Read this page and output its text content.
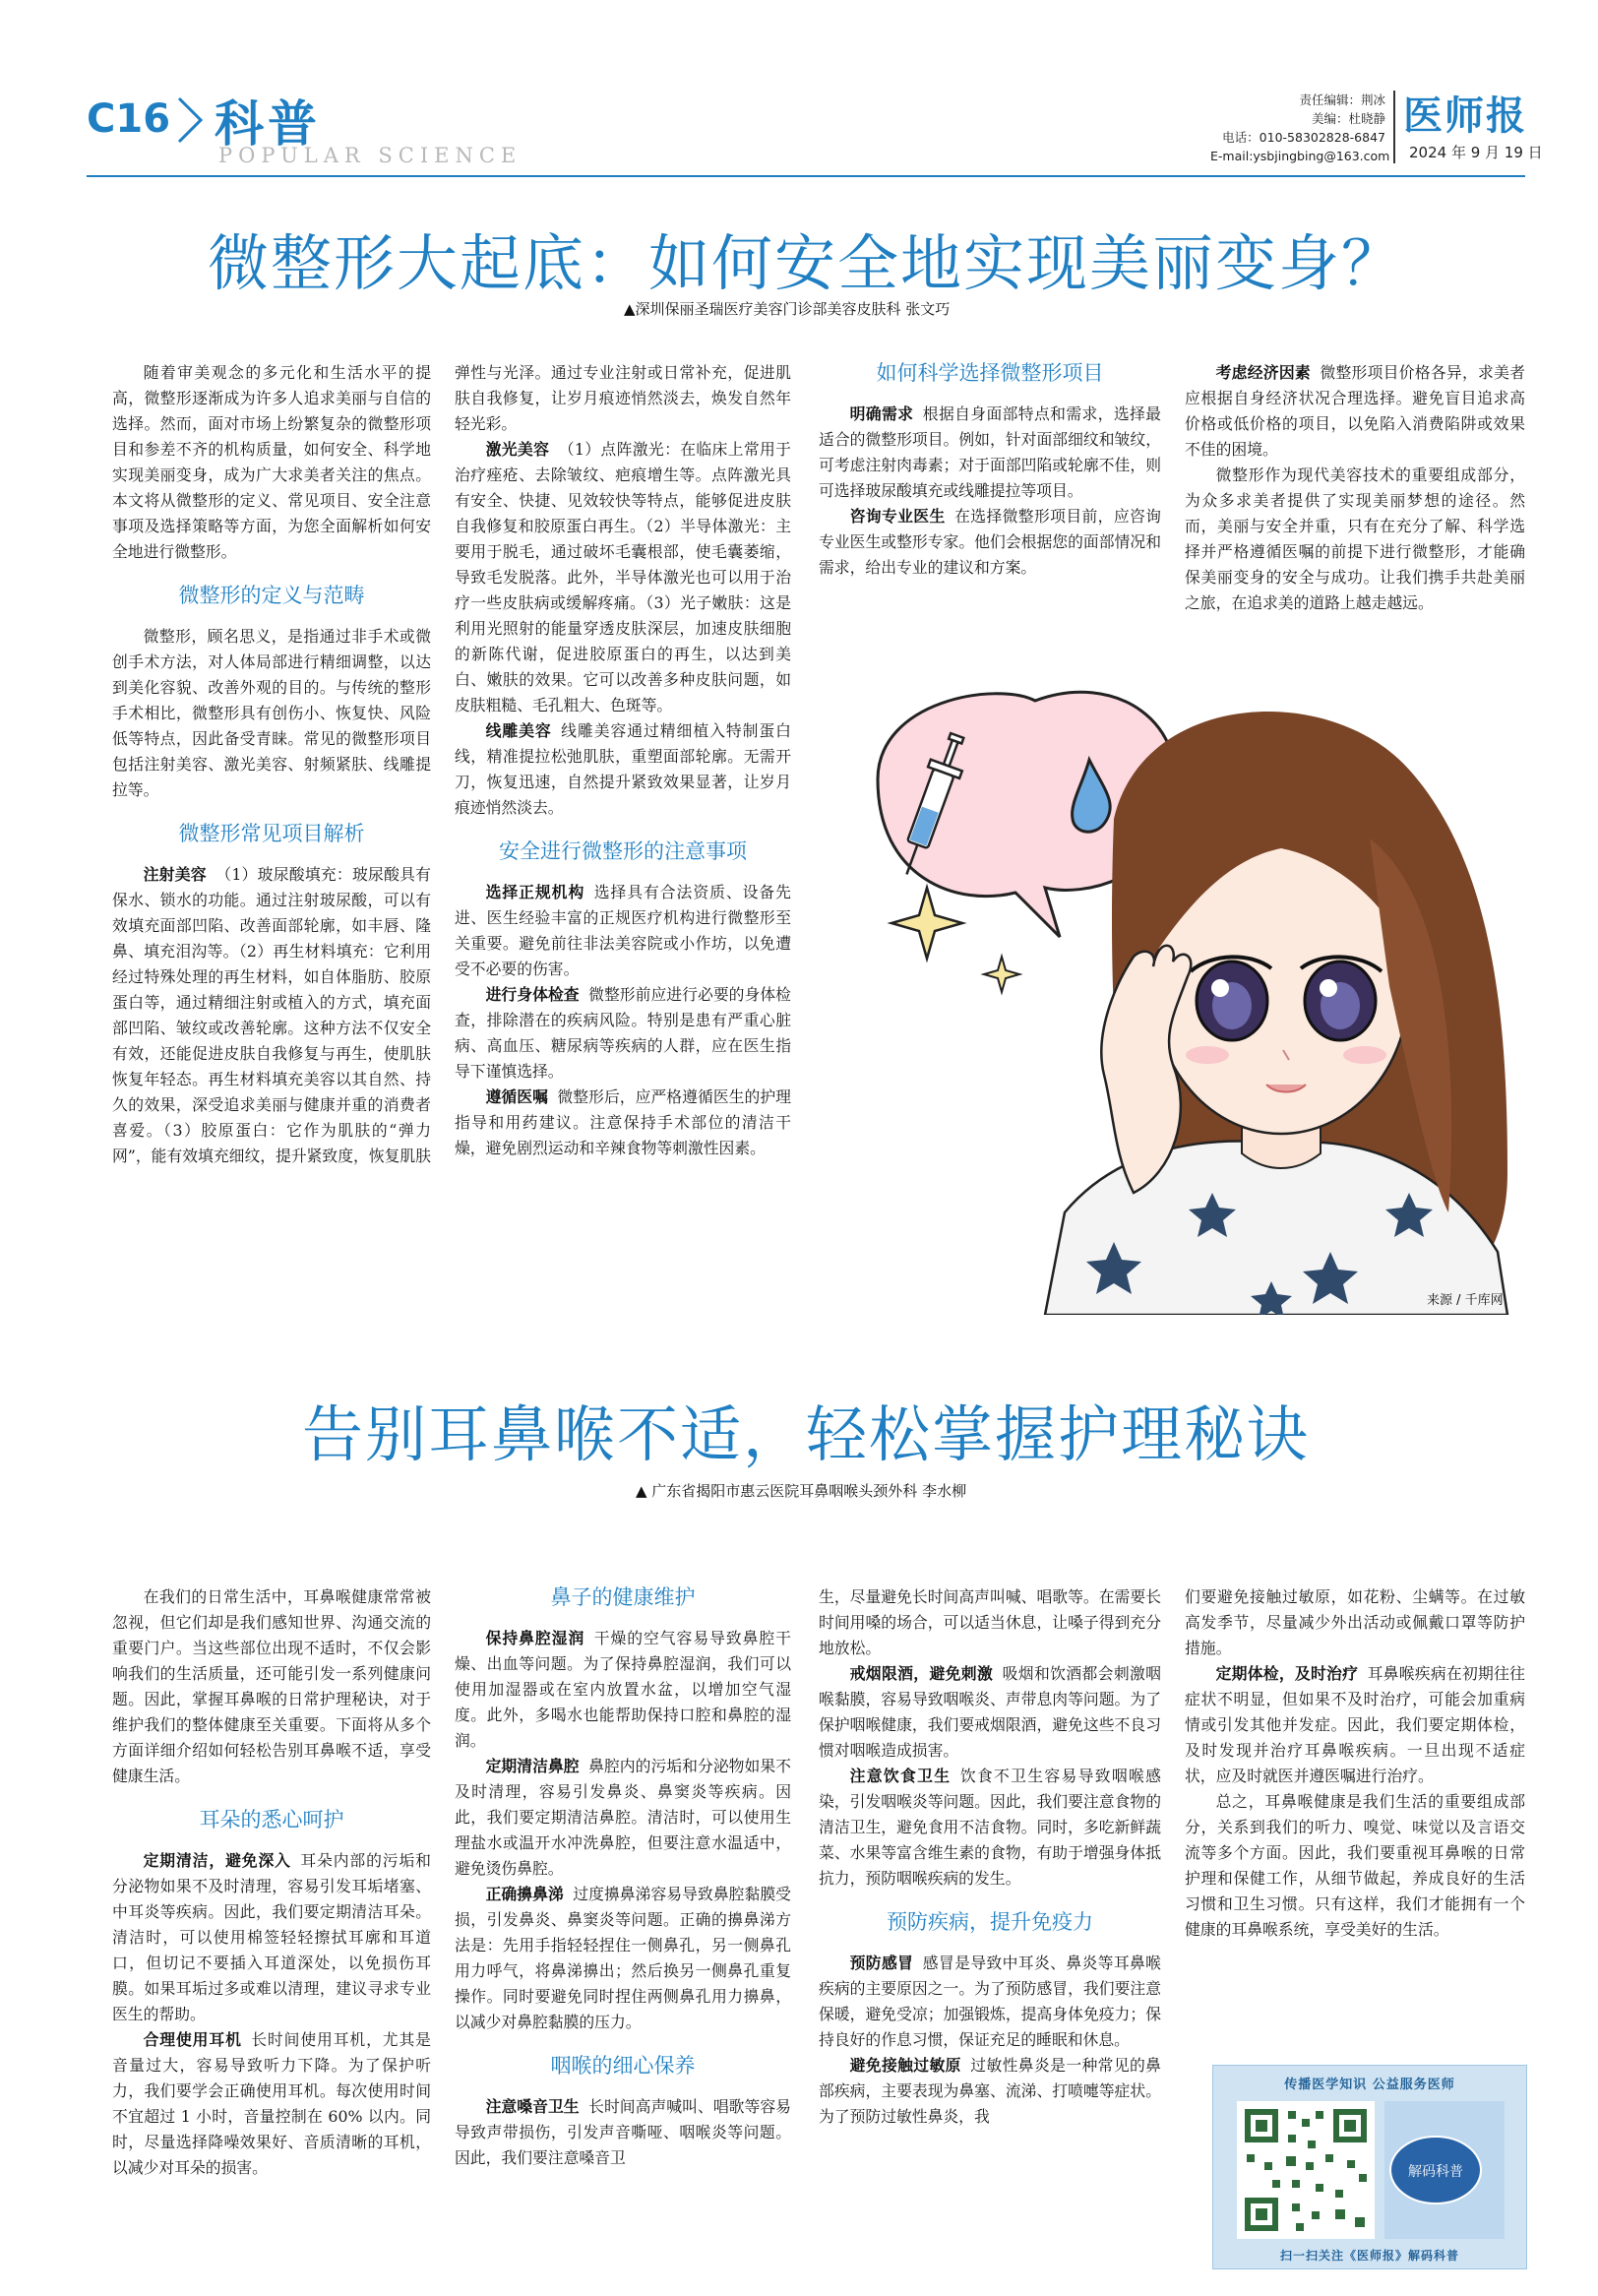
C16 科普
POPULAR SCIENCE
责任编辑：荆冰
美编：杜晓静
电话：010-58302828-6847
E-mail:ysbjingbing@163.com
医师报
2024 年 9 月 19 日
微整形大起底：如何安全地实现美丽变身？
▲深圳保丽圣瑞医疗美容门诊部美容皮肤科 张文巧

随着审美观念的多元化和生活水平的提高，微整形逐渐成为许多人追求美丽与自信的选择。然而，面对市场上纷繁复杂的微整形项目和参差不齐的机构质量，如何安全、科学地实现美丽变身，成为广大求美者关注的焦点。本文将从微整形的定义、常见项目、安全注意事项及选择策略等方面，为您全面解析如何安全地进行微整形。

微整形的定义与范畴

微整形，顾名思义，是指通过非手术或微创手术方法，对人体局部进行精细调整，以达到美化容貌、改善外观的目的。与传统的整形手术相比，微整形具有创伤小、恢复快、风险低等特点，因此备受青睐。常见的微整形项目包括注射美容、激光美容、射频紧肤、线雕提拉等。

微整形常见项目解析

注射美容 （1）玻尿酸填充：玻尿酸具有保水、锁水的功能。通过注射玻尿酸，可以有效填充面部凹陷、改善面部轮廓，如丰唇、隆鼻、填充泪沟等。（2）再生材料填充：它利用经过特殊处理的再生材料，如自体脂肪、胶原蛋白等，通过精细注射或植入的方式，填充面部凹陷、皱纹或改善轮廓。这种方法不仅安全有效，还能促进皮肤自我修复与再生，使肌肤恢复年轻态。再生材料填充美容以其自然、持久的效果，深受追求美丽与健康并重的消费者喜爱。（3）胶原蛋白：它作为肌肤的“弹力网”，能有效填充细纹，提升紧致度，恢复肌肤

弹性与光泽。通过专业注射或日常补充，促进肌肤自我修复，让岁月痕迹悄然淡去，焕发自然年轻光彩。

激光美容 （1）点阵激光：在临床上常用于治疗痤疮、去除皱纹、疤痕增生等。点阵激光具有安全、快捷、见效较快等特点，能够促进皮肤自我修复和胶原蛋白再生。（2）半导体激光：主要用于脱毛，通过破坏毛囊根部，使毛囊萎缩，导致毛发脱落。此外，半导体激光也可以用于治疗一些皮肤病或缓解疼痛。（3）光子嫩肤：这是利用光照射的能量穿透皮肤深层，加速皮肤细胞的新陈代谢，促进胶原蛋白的再生，以达到美白、嫩肤的效果。它可以改善多种皮肤问题，如皮肤粗糙、毛孔粗大、色斑等。

线雕美容 线雕美容通过精细植入特制蛋白线，精准提拉松弛肌肤，重塑面部轮廓。无需开刀，恢复迅速，自然提升紧致效果显著，让岁月痕迹悄然淡去。

安全进行微整形的注意事项

选择正规机构 选择具有合法资质、设备先进、医生经验丰富的正规医疗机构进行微整形至关重要。避免前往非法美容院或小作坊，以免遭受不必要的伤害。

进行身体检查 微整形前应进行必要的身体检查，排除潜在的疾病风险。特别是患有严重心脏病、高血压、糖尿病等疾病的人群，应在医生指导下谨慎选择。

遵循医嘱 微整形后，应严格遵循医生的护理指导和用药建议。注意保持手术部位的清洁干燥，避免剧烈运动和辛辣食物等刺激性因素。

如何科学选择微整形项目

明确需求 根据自身面部特点和需求，选择最适合的微整形项目。例如，针对面部细纹和皱纹，可考虑注射肉毒素；对于面部凹陷或轮廓不佳，则可选择玻尿酸填充或线雕提拉等项目。

咨询专业医生 在选择微整形项目前，应咨询专业医生或整形专家。他们会根据您的面部情况和需求，给出专业的建议和方案。

考虑经济因素 微整形项目价格各异，求美者应根据自身经济状况合理选择。避免盲目追求高价格或低价格的项目，以免陷入消费陷阱或效果不佳的困境。

微整形作为现代美容技术的重要组成部分，为众多求美者提供了实现美丽梦想的途径。然而，美丽与安全并重，只有在充分了解、科学选择并严格遵循医嘱的前提下进行微整形，才能确保美丽变身的安全与成功。让我们携手共赴美丽之旅，在追求美的道路上越走越远。

来源 / 千库网
告别耳鼻喉不适，轻松掌握护理秘诀
▲ 广东省揭阳市惠云医院耳鼻咽喉头颈外科 李水柳

在我们的日常生活中，耳鼻喉健康常常被忽视，但它们却是我们感知世界、沟通交流的重要门户。当这些部位出现不适时，不仅会影响我们的生活质量，还可能引发一系列健康问题。因此，掌握耳鼻喉的日常护理秘诀，对于维护我们的整体健康至关重要。下面将从多个方面详细介绍如何轻松告别耳鼻喉不适，享受健康生活。

耳朵的悉心呵护

定期清洁，避免深入 耳朵内部的污垢和分泌物如果不及时清理，容易引发耳垢堵塞、中耳炎等疾病。因此，我们要定期清洁耳朵。清洁时，可以使用棉签轻轻擦拭耳廓和耳道口，但切记不要插入耳道深处，以免损伤耳膜。如果耳垢过多或难以清理，建议寻求专业医生的帮助。

合理使用耳机 长时间使用耳机，尤其是音量过大，容易导致听力下降。为了保护听力，我们要学会正确使用耳机。每次使用时间不宜超过 1 小时，音量控制在 60% 以内。同时，尽量选择降噪效果好、音质清晰的耳机，以减少对耳朵的损害。

鼻子的健康维护

保持鼻腔湿润 干燥的空气容易导致鼻腔干燥、出血等问题。为了保持鼻腔湿润，我们可以使用加湿器或在室内放置水盆，以增加空气湿度。此外，多喝水也能帮助保持口腔和鼻腔的湿润。

定期清洁鼻腔 鼻腔内的污垢和分泌物如果不及时清理，容易引发鼻炎、鼻窦炎等疾病。因此，我们要定期清洁鼻腔。清洁时，可以使用生理盐水或温开水冲洗鼻腔，但要注意水温适中，避免烫伤鼻腔。

正确擤鼻涕 过度擤鼻涕容易导致鼻腔黏膜受损，引发鼻炎、鼻窦炎等问题。正确的擤鼻涕方法是：先用手指轻轻捏住一侧鼻孔，另一侧鼻孔用力呼气，将鼻涕擤出；然后换另一侧鼻孔重复操作。同时要避免同时捏住两侧鼻孔用力擤鼻，以减少对鼻腔黏膜的压力。

咽喉的细心保养

注意嗓音卫生 长时间高声喊叫、唱歌等容易导致声带损伤，引发声音嘶哑、咽喉炎等问题。因此，我们要注意嗓音卫

生，尽量避免长时间高声叫喊、唱歌等。在需要长时间用嗓的场合，可以适当休息，让嗓子得到充分地放松。

戒烟限酒，避免刺激 吸烟和饮酒都会刺激咽喉黏膜，容易导致咽喉炎、声带息肉等问题。为了保护咽喉健康，我们要戒烟限酒，避免这些不良习惯对咽喉造成损害。

注意饮食卫生 饮食不卫生容易导致咽喉感染，引发咽喉炎等问题。因此，我们要注意食物的清洁卫生，避免食用不洁食物。同时，多吃新鲜蔬菜、水果等富含维生素的食物，有助于增强身体抵抗力，预防咽喉疾病的发生。

预防疾病，提升免疫力

预防感冒 感冒是导致中耳炎、鼻炎等耳鼻喉疾病的主要原因之一。为了预防感冒，我们要注意保暖，避免受凉；加强锻炼，提高身体免疫力；保持良好的作息习惯，保证充足的睡眠和休息。

避免接触过敏原 过敏性鼻炎是一种常见的鼻部疾病，主要表现为鼻塞、流涕、打喷嚏等症状。为了预防过敏性鼻炎，我

们要避免接触过敏原，如花粉、尘螨等。在过敏高发季节，尽量减少外出活动或佩戴口罩等防护措施。

定期体检，及时治疗 耳鼻喉疾病在初期往往症状不明显，但如果不及时治疗，可能会加重病情或引发其他并发症。因此，我们要定期体检，及时发现并治疗耳鼻喉疾病。一旦出现不适症状，应及时就医并遵医嘱进行治疗。

总之，耳鼻喉健康是我们生活的重要组成部分，关系到我们的听力、嗅觉、味觉以及言语交流等多个方面。因此，我们要重视耳鼻喉的日常护理和保健工作，从细节做起，养成良好的生活习惯和卫生习惯。只有这样，我们才能拥有一个健康的耳鼻喉系统，享受美好的生活。

传播医学知识 公益服务医师
解码科普
扫一扫关注《医师报》解码科普
